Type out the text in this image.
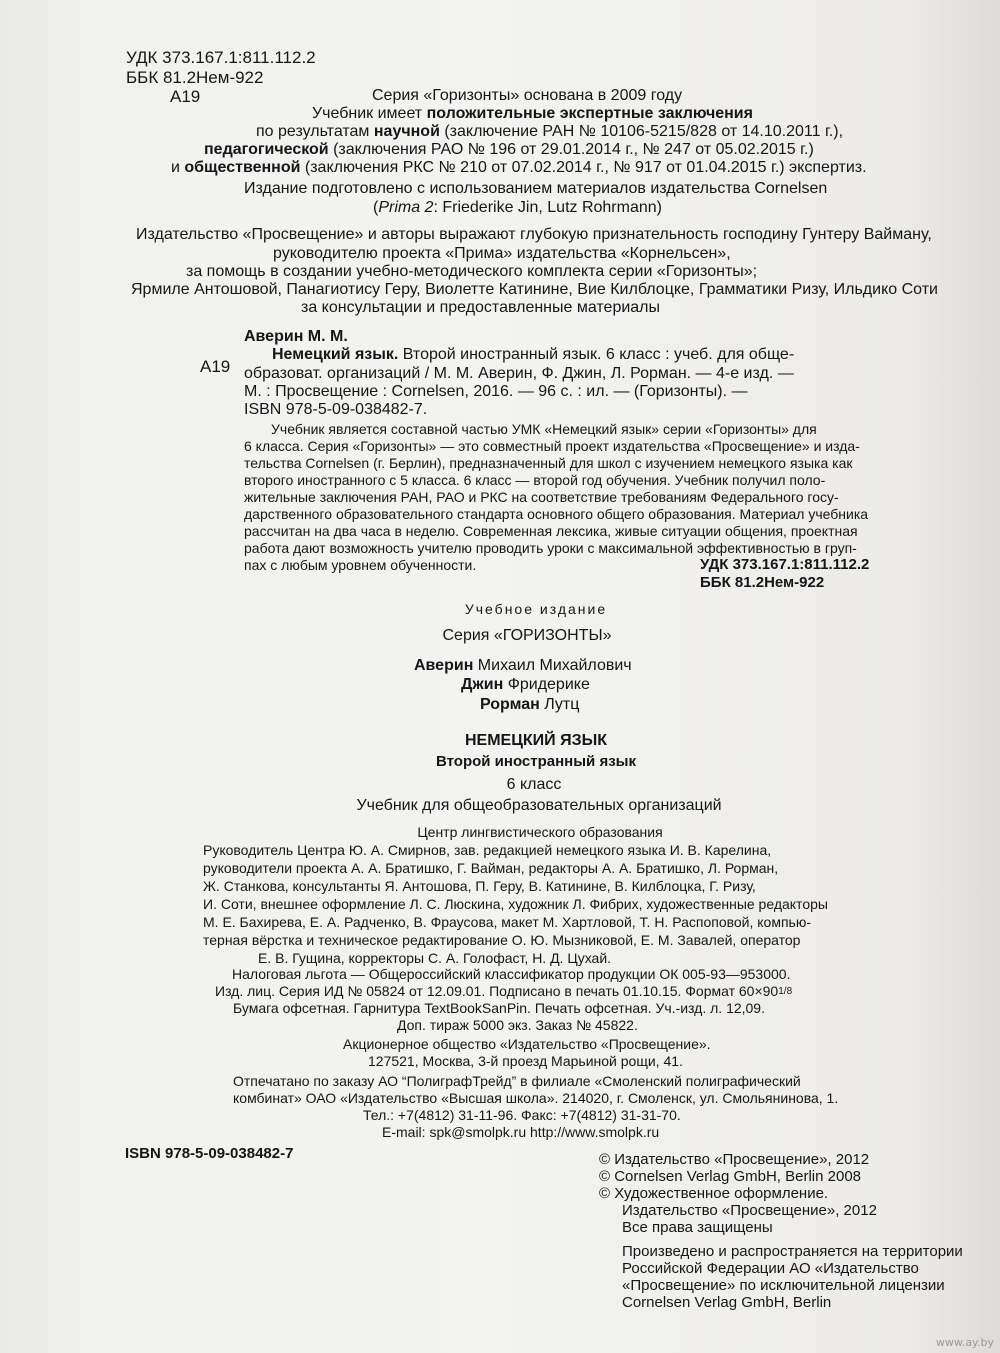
УДК 373.167.1:811.112.2
ББК 81.2Нем-922
А19	Серия «Горизонты» основана в 2009 году
Учебник имеет положительные экспертные заключения
по результатам научной (заключение РАН № 10106-5215/828 от 14.10.2011 г.),
педагогической (заключения РАО № 196 от 29.01.2014 г., № 247 от 05.02.2015 г.)
и общественной (заключения РКС № 210 от 07.02.2014 г., № 917 от 01.04.2015 г.) экспертиз.
Издание подготовлено с использованием материалов издательства Cornelsen
(Prima 2: Friederike Jin, Lutz Rohrmann)
Издательство «Просвещение» и авторы выражают глубокую признательность господину Гунтеру Вайману,
руководителю проекта «Прима» издательства «Корнельсен»,
за помощь в создании учебно-методического комплекта серии «Горизонты»;
Ярмиле Антошовой, Панагиотису Геру, Виолетте Катинине, Вие Килблоцке, Грамматики Ризу, Ильдико Соти
за консультации и предоставленные материалы
Аверин М. М.
А19
Немецкий язык. Второй иностранный язык. 6 класс : учеб. для обще-
образоват. организаций / М. М. Аверин, Ф. Джин, Л. Рорман. — 4-е изд. —
М. : Просвещение : Cornelsen, 2016. — 96 с. : ил. — (Горизонты). —
ISBN 978-5-09-038482-7.
Учебник является составной частью УМК «Немецкий язык» серии «Горизонты» для
6 класса. Серия «Горизонты» — это совместный проект издательства «Просвещение» и изда-
тельства Cornelsen (г. Берлин), предназначенный для школ с изучением немецкого языка как
второго иностранного с 5 класса. 6 класс — второй год обучения. Учебник получил поло-
жительные заключения РАН, РАО и РКС на соответствие требованиям Федерального госу-
дарственного образовательного стандарта основного общего образования. Материал учебника
рассчитан на два часа в неделю. Современная лексика, живые ситуации общения, проектная
работа дают возможность учителю проводить уроки с максимальной эффективностью в груп-
пах с любым уровнем обученности.	УДК 373.167.1:811.112.2
ББК 81.2Нем-922
Учебное издание
Серия «ГОРИЗОНТЫ»
Аверин Михаил Михайлович
Джин Фридерике
Рорман Лутц
НЕМЕЦКИЙ ЯЗЫК
Второй иностранный язык
6 класс
Учебник для общеобразовательных организаций
Центр лингвистического образования
Руководитель Центра Ю. А. Смирнов, зав. редакцией немецкого языка И. В. Карелина,
руководители проекта А. А. Братишко, Г. Вайман, редакторы А. А. Братишко, Л. Рорман,
Ж. Станкова, консультанты Я. Антошова, П. Геру, В. Катинине, В. Килблоцка, Г. Ризу,
И. Соти, внешнее оформление Л. С. Люскина, художник Л. Фибрих, художественные редакторы
М. Е. Бахирева, Е. А. Радченко, В. Фраусова, макет М. Хартловой, Т. Н. Распоповой, компью-
терная вёрстка и техническое редактирование О. Ю. Мызниковой, Е. М. Завалей, оператор
Е. В. Гущина, корректоры С. А. Голофаст, Н. Д. Цухай.
Налоговая льгота — Общероссийский классификатор продукции ОК 005-93—953000.
Изд. лиц. Серия ИД № 05824 от 12.09.01. Подписано в печать 01.10.15. Формат 60×901/8
Бумага офсетная. Гарнитура TextBookSanPin. Печать офсетная. Уч.-изд. л. 12,09.
Доп. тираж 5000 экз. Заказ № 45822.
Акционерное общество «Издательство «Просвещение».
127521, Москва, 3-й проезд Марьиной рощи, 41.
Отпечатано по заказу АО “ПолиграфТрейд” в филиале «Смоленский полиграфический
комбинат» ОАО «Издательство «Высшая школа». 214020, г. Смоленск, ул. Смольянинова, 1.
Тел.: +7(4812) 31-11-96. Факс: +7(4812) 31-31-70.
E-mail: spk@smolpk.ru http://www.smolpk.ru
ISBN 978-5-09-038482-7	© Издательство «Просвещение», 2012
© Cornelsen Verlag GmbH, Berlin 2008
© Художественное оформление.
Издательство «Просвещение», 2012
Все права защищены
Произведено и распространяется на территории
Российской Федерации АО «Издательство
«Просвещение» по исключительной лицензии
Cornelsen Verlag GmbH, Berlin
www.ay.by
